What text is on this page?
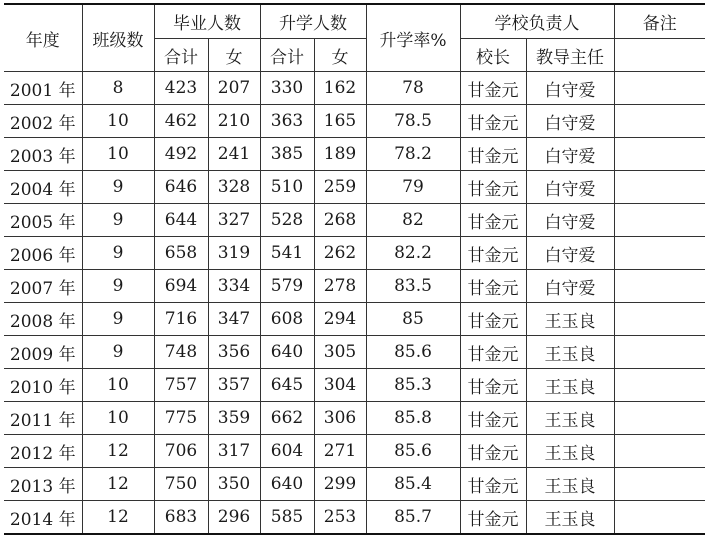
年度	班级数	毕业人数		升学人数		升学率%	学校负责人		备注
		合计	女	合计	女		校长	教导主任	
2001 年	8	423	207	330	162	78	甘金元	白守爱	
2002 年	10	462	210	363	165	78.5	甘金元	白守爱	
2003 年	10	492	241	385	189	78.2	甘金元	白守爱	
2004 年	9	646	328	510	259	79	甘金元	白守爱	
2005 年	9	644	327	528	268	82	甘金元	白守爱	
2006 年	9	658	319	541	262	82.2	甘金元	白守爱	
2007 年	9	694	334	579	278	83.5	甘金元	白守爱	
2008 年	9	716	347	608	294	85	甘金元	王玉良	
2009 年	9	748	356	640	305	85.6	甘金元	王玉良	
2010 年	10	757	357	645	304	85.3	甘金元	王玉良	
2011 年	10	775	359	662	306	85.8	甘金元	王玉良	
2012 年	12	706	317	604	271	85.6	甘金元	王玉良	
2013 年	12	750	350	640	299	85.4	甘金元	王玉良	
2014 年	12	683	296	585	253	85.7	甘金元	王玉良	
